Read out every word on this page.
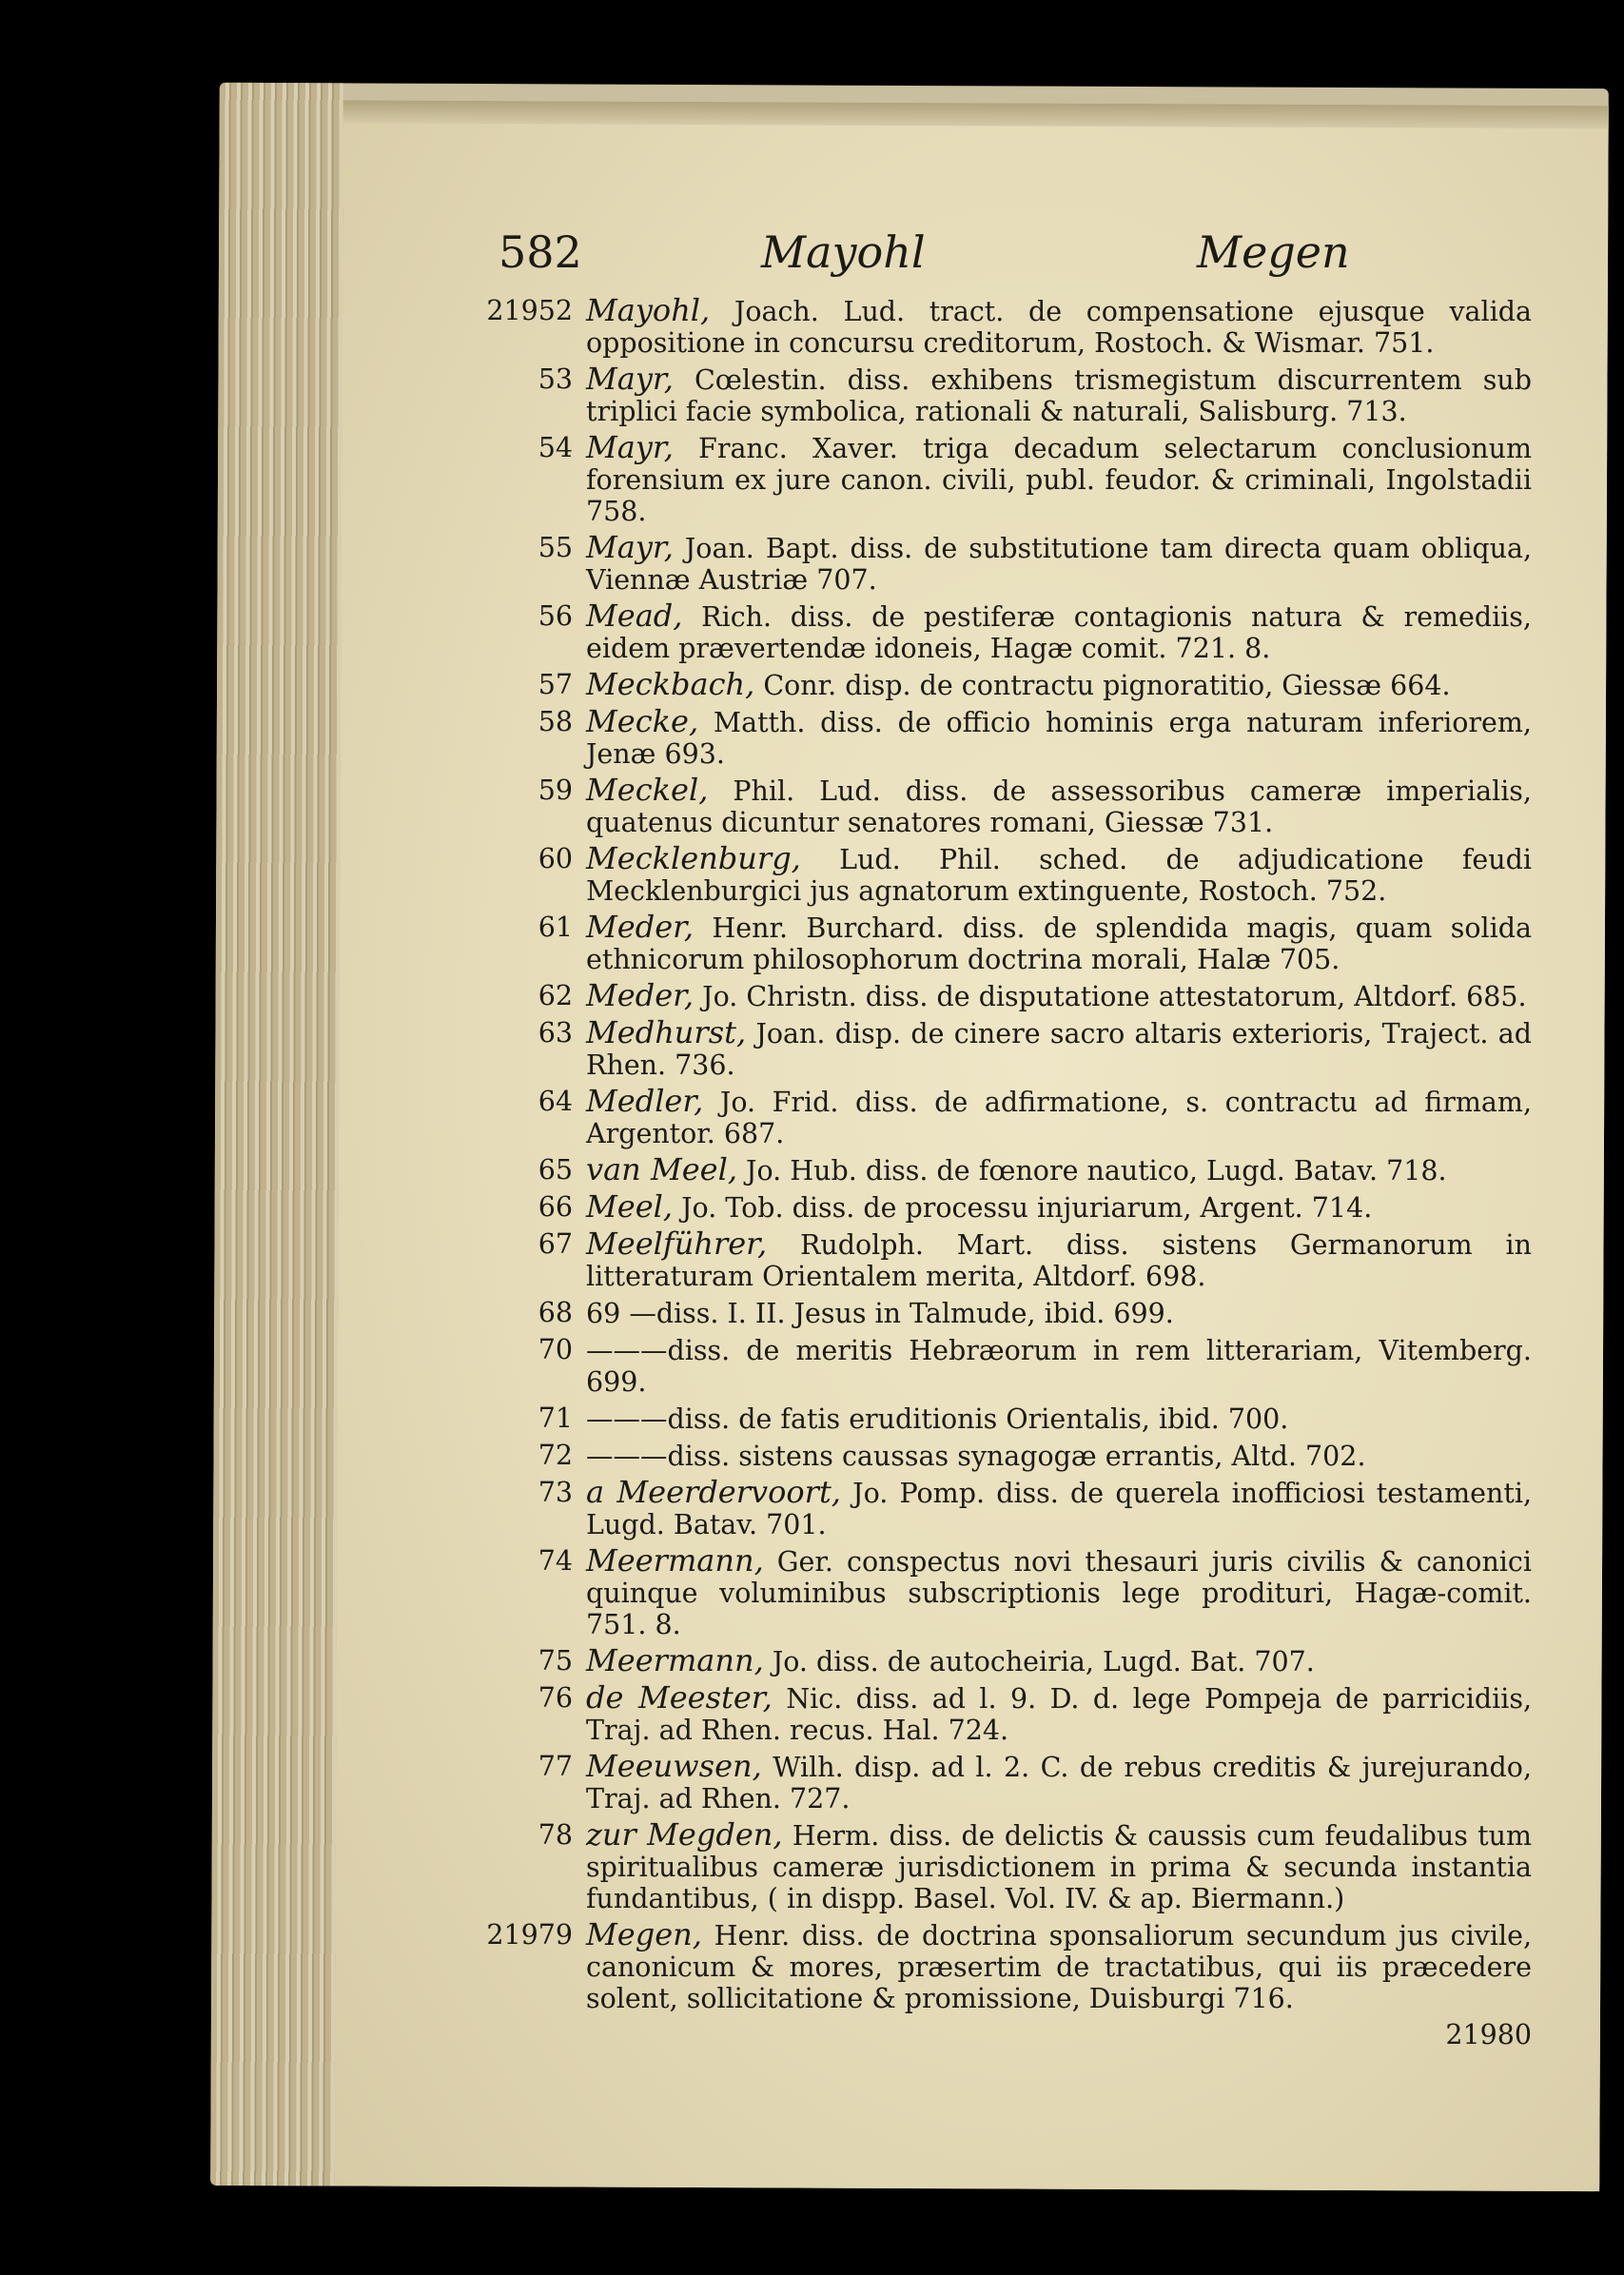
582	Mayohl	Megen
21952 Mayohl, Joach. Lud. tract. de compensatione ejusque valida oppositione in concursu creditorum, Rostoch. & Wismar. 751.
53 Mayr, Cœlestin. diss. exhibens trismegistum discurrentem sub triplici facie symbolica, rationali & naturali, Salisburg. 713.
54 Mayr, Franc. Xaver. triga decadum selectarum conclusionum forensium ex jure canon. civili, publ. feudor. & criminali, Ingolstadii 758.
55 Mayr, Joan. Bapt. diss. de substitutione tam directa quam obliqua, Viennæ Austriæ 707.
56 Mead, Rich. diss. de pestiferæ contagionis natura & remediis, eidem prævertendæ idoneis, Hagæ comit. 721. 8.
57 Meckbach, Conr. disp. de contractu pignoratitio, Giessæ 664.
58 Mecke, Matth. diss. de officio hominis erga naturam inferiorem, Jenæ 693.
59 Meckel, Phil. Lud. diss. de assessoribus cameræ imperialis, quatenus dicuntur senatores romani, Giessæ 731.
60 Mecklenburg, Lud. Phil. sched. de adjudicatione feudi Mecklenburgici jus agnatorum extinguente, Rostoch. 752.
61 Meder, Henr. Burchard. diss. de splendida magis, quam solida ethnicorum philosophorum doctrina morali, Halæ 705.
62 Meder, Jo. Christn. diss. de disputatione attestatorum, Altdorf. 685.
63 Medhurst, Joan. disp. de cinere sacro altaris exterioris, Traject. ad Rhen. 736.
64 Medler, Jo. Frid. diss. de adfirmatione, s. contractu ad firmam, Argentor. 687.
65 van Meel, Jo. Hub. diss. de fœnore nautico, Lugd. Batav. 718.
66 Meel, Jo. Tob. diss. de processu injuriarum, Argent. 714.
67 Meelführer, Rudolph. Mart. diss. sistens Germanorum in litteraturam Orientalem merita, Altdorf. 698.
68 69 —diss. I. II. Jesus in Talmude, ibid. 699.
70 ———diss. de meritis Hebræorum in rem litterariam, Vitemberg. 699.
71 ———diss. de fatis eruditionis Orientalis, ibid. 700.
72 ———diss. sistens caussas synagogæ errantis, Altd. 702.
73 a Meerdervoort, Jo. Pomp. diss. de querela inofficiosi testamenti, Lugd. Batav. 701.
74 Meermann, Ger. conspectus novi thesauri juris civilis & canonici quinque voluminibus subscriptionis lege prodituri, Hagæ-comit. 751. 8.
75 Meermann, Jo. diss. de autocheiria, Lugd. Bat. 707.
76 de Meester, Nic. diss. ad l. 9. D. d. lege Pompeja de parricidiis, Traj. ad Rhen. recus. Hal. 724.
77 Meeuwsen, Wilh. disp. ad l. 2. C. de rebus creditis & jurejurando, Traj. ad Rhen. 727.
78 zur Megden, Herm. diss. de delictis & caussis cum feudalibus tum spiritualibus cameræ jurisdictionem in prima & secunda instantia fundantibus, ( in dispp. Basel. Vol. IV. & ap. Biermann.)
21979 Megen, Henr. diss. de doctrina sponsaliorum secundum jus civile, canonicum & mores, præsertim de tractatibus, qui iis præcedere solent, sollicitatione & promissione, Duisburgi 716.
21980
